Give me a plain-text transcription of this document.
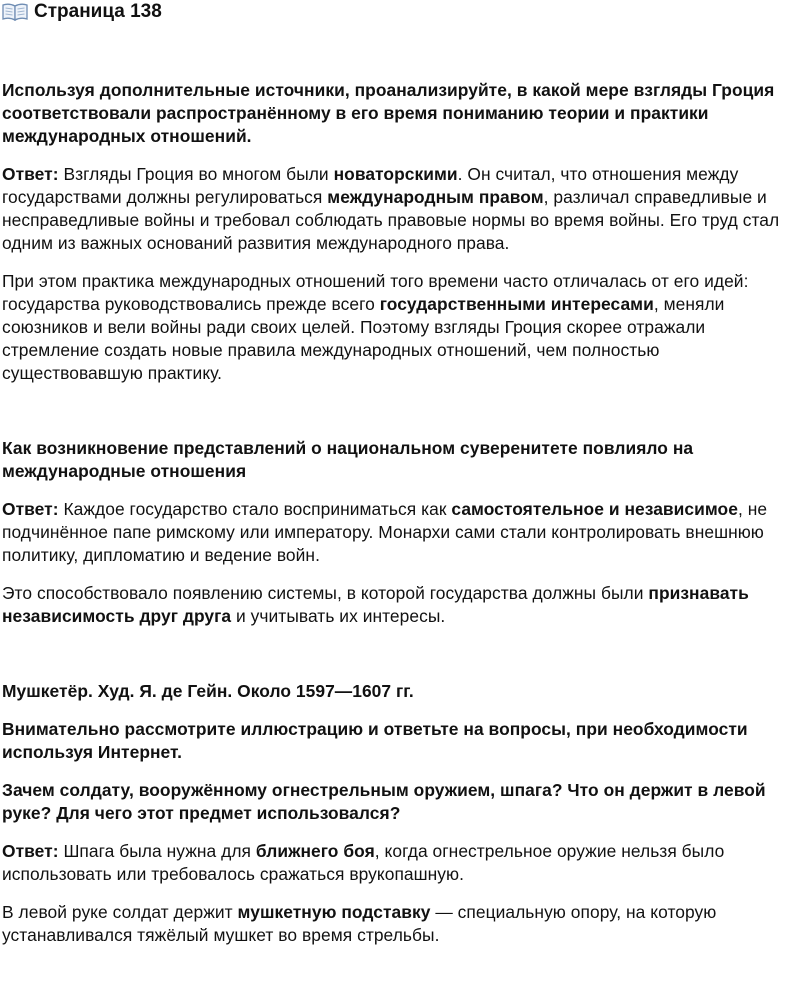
Страница 138

Используя дополнительные источники, проанализируйте, в какой мере взгляды Гроция соответствовали распространённому в его время пониманию теории и практики международных отношений.

Ответ: Взгляды Гроция во многом были новаторскими. Он считал, что отношения между государствами должны регулироваться международным правом, различал справедливые и несправедливые войны и требовал соблюдать правовые нормы во время войны. Его труд стал одним из важных оснований развития международного права.

При этом практика международных отношений того времени часто отличалась от его идей: государства руководствовались прежде всего государственными интересами, меняли союзников и вели войны ради своих целей. Поэтому взгляды Гроция скорее отражали стремление создать новые правила международных отношений, чем полностью существовавшую практику.

Как возникновение представлений о национальном суверенитете повлияло на международные отношения

Ответ: Каждое государство стало восприниматься как самостоятельное и независимое, не подчинённое папе римскому или императору. Монархи сами стали контролировать внешнюю политику, дипломатию и ведение войн.

Это способствовало появлению системы, в которой государства должны были признавать независимость друг друга и учитывать их интересы.

Мушкетёр. Худ. Я. де Гейн. Около 1597—1607 гг.

Внимательно рассмотрите иллюстрацию и ответьте на вопросы, при необходимости используя Интернет.

Зачем солдату, вооружённому огнестрельным оружием, шпага? Что он держит в левой руке? Для чего этот предмет использовался?

Ответ: Шпага была нужна для ближнего боя, когда огнестрельное оружие нельзя было использовать или требовалось сражаться врукопашную.

В левой руке солдат держит мушкетную подставку — специальную опору, на которую устанавливался тяжёлый мушкет во время стрельбы.
